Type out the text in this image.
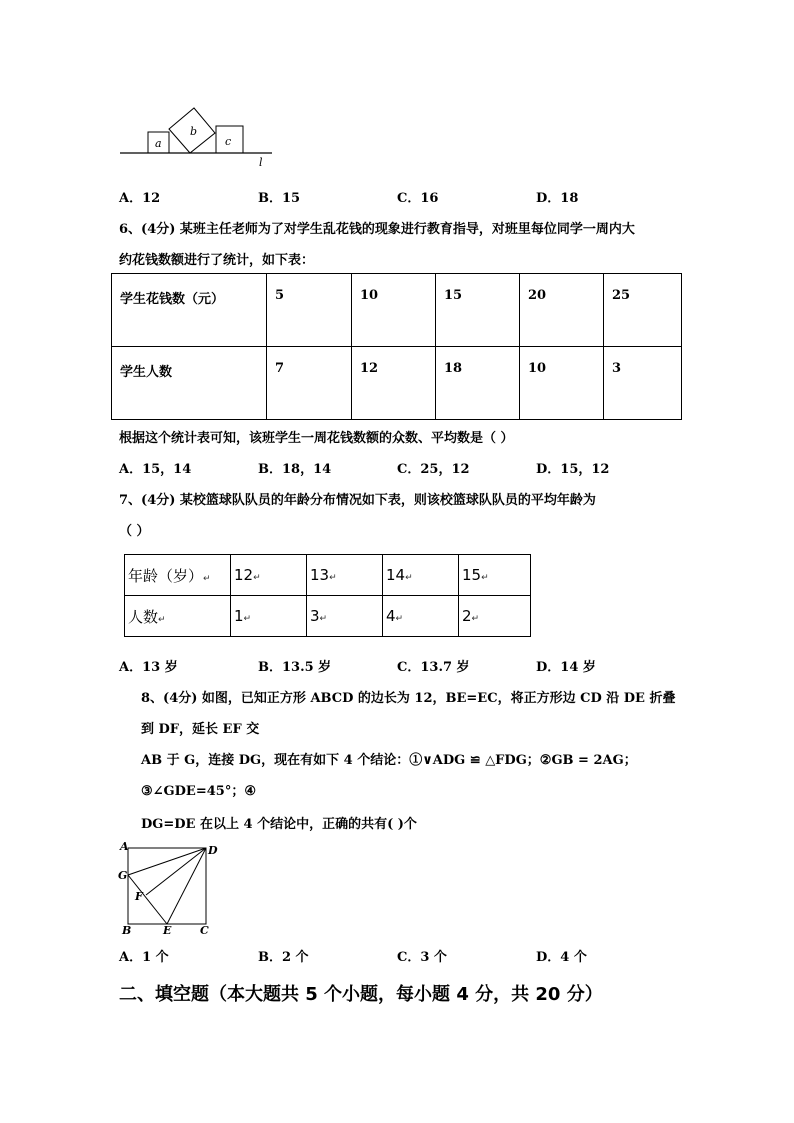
a
b
c
l
A．12	B．15	C．16	D．18
6、(4分) 某班主任老师为了对学生乱花钱的现象进行教育指导，对班里每位同学一周内大
约花钱数额进行了统计，如下表：
学生花钱数（元）	5	10	15	20	25
学生人数	7	12	18	10	3
根据这个统计表可知，该班学生一周花钱数额的众数、平均数是（ ）
A．15，14	B．18，14	C．25，12	D．15，12
7、(4分) 某校篮球队队员的年龄分布情况如下表，则该校篮球队队员的平均年龄为
（ ）
年龄（岁）↵	12↵	13↵	14↵	15↵
人数↵	1↵	3↵	4↵	2↵
A．13 岁	B．13.5 岁	C．13.7 岁	D．14 岁
8、(4分) 如图，已知正方形 ABCD 的边长为 12，BE=EC，将正方形边 CD 沿 DE 折叠
到 DF，延长 EF 交
AB 于 G，连接 DG，现在有如下 4 个结论：①∨ADG ≌ △FDG；②GB = 2AG；
③∠GDE=45°；④
DG=DE 在以上 4 个结论中，正确的共有( )个
A	D
G
F
B	E	C
A．1 个	B．2 个	C．3 个	D．4 个
二、填空题（本大题共 5 个小题，每小题 4 分，共 20 分）
